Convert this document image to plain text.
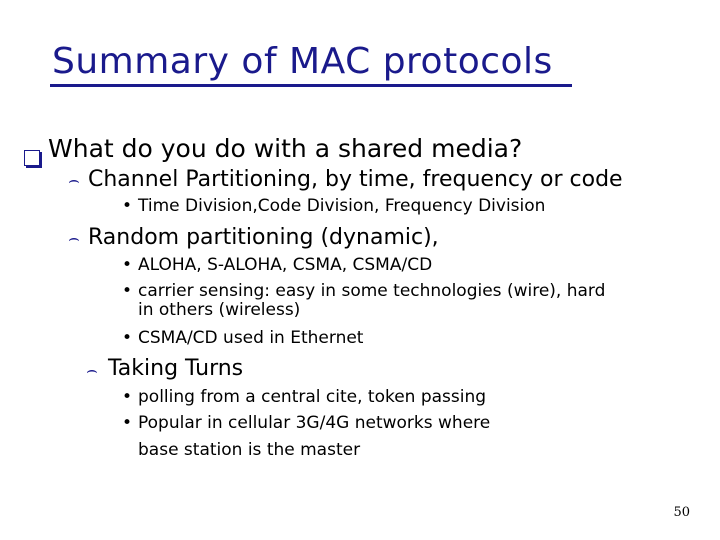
Summary of MAC protocols
What do you do with a shared media?
⌢ Channel Partitioning, by time, frequency or code
• Time Division,Code Division, Frequency Division
⌢ Random partitioning (dynamic),
• ALOHA, S-ALOHA, CSMA, CSMA/CD
• carrier sensing: easy in some technologies (wire), hard
in others (wireless)
• CSMA/CD used in Ethernet
⌢ Taking Turns
• polling from a central cite, token passing
• Popular in cellular 3G/4G networks where
base station is the master
50
